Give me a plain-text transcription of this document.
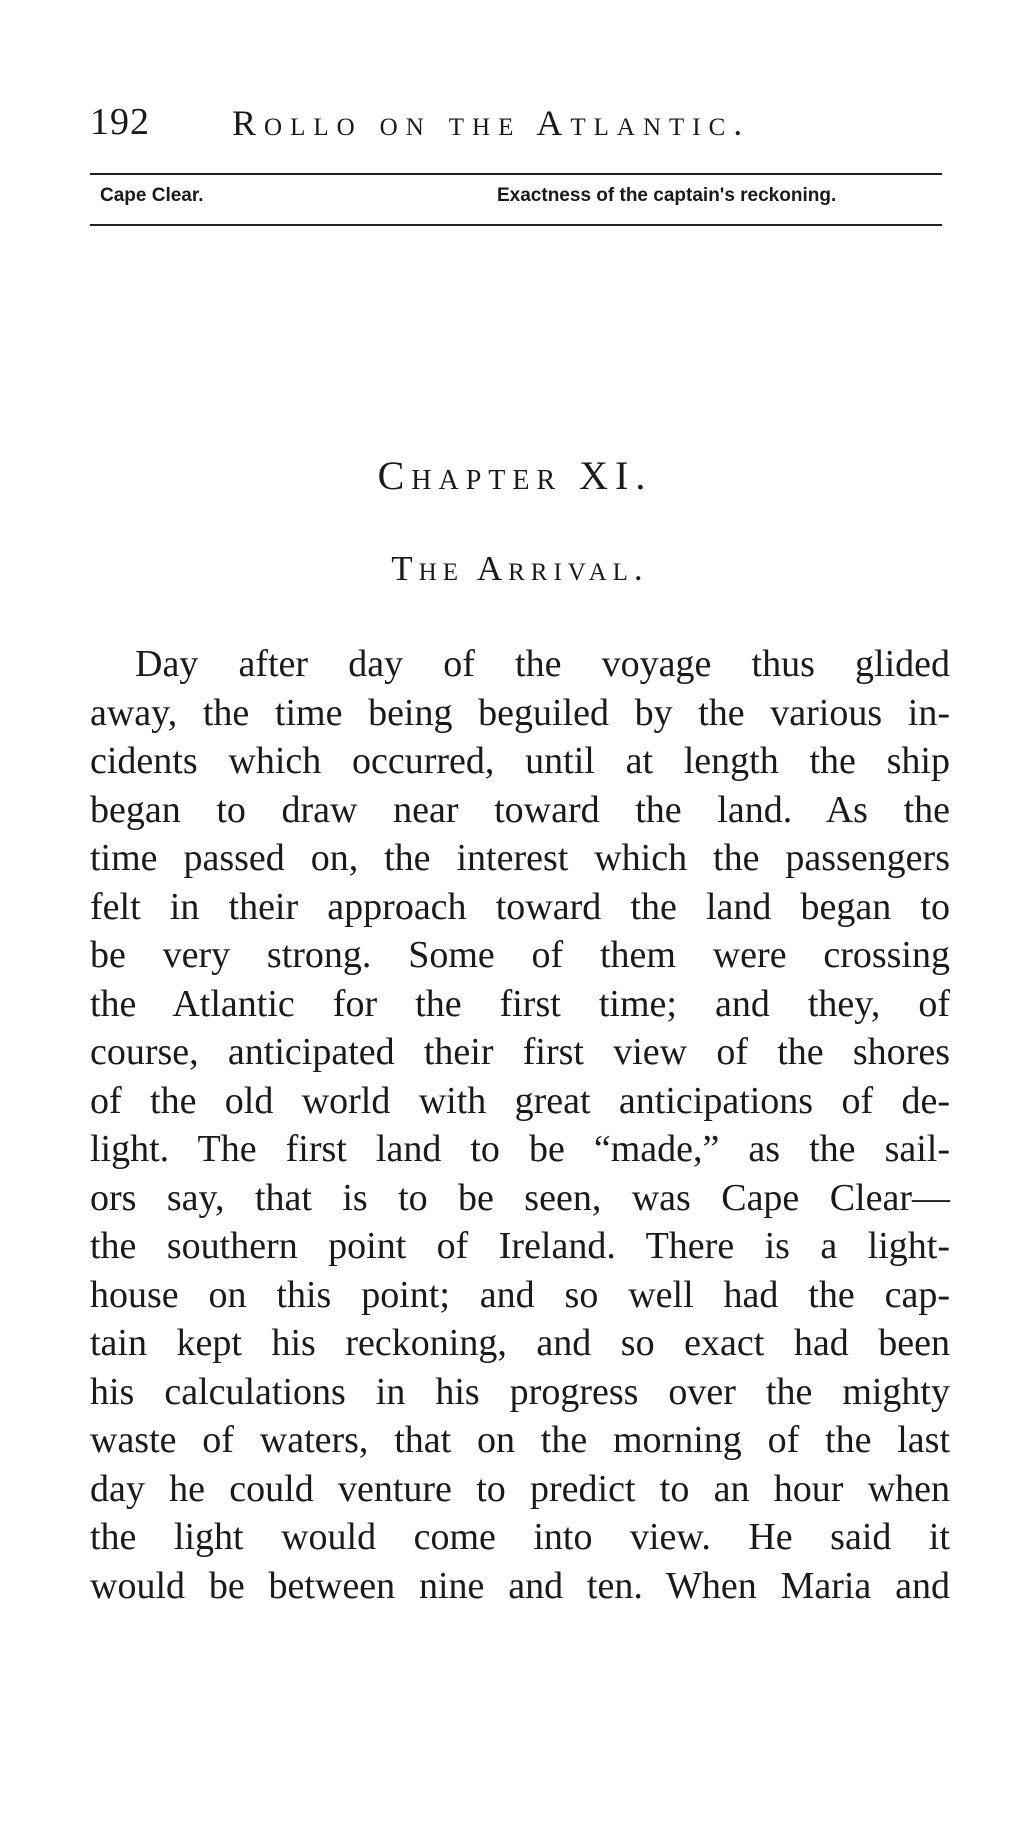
192 Rollo on the Atlantic.
Cape Clear.	Exactness of the captain's reckoning.
Chapter XI.
The Arrival.
Day after day of the voyage thus glided
away, the time being beguiled by the various in-
cidents which occurred, until at length the ship
began to draw near toward the land. As the
time passed on, the interest which the passengers
felt in their approach toward the land began to
be very strong. Some of them were crossing
the Atlantic for the first time; and they, of
course, anticipated their first view of the shores
of the old world with great anticipations of de-
light. The first land to be “made,” as the sail-
ors say, that is to be seen, was Cape Clear—
the southern point of Ireland. There is a light-
house on this point; and so well had the cap-
tain kept his reckoning, and so exact had been
his calculations in his progress over the mighty
waste of waters, that on the morning of the last
day he could venture to predict to an hour when
the light would come into view. He said it
would be between nine and ten. When Maria and
